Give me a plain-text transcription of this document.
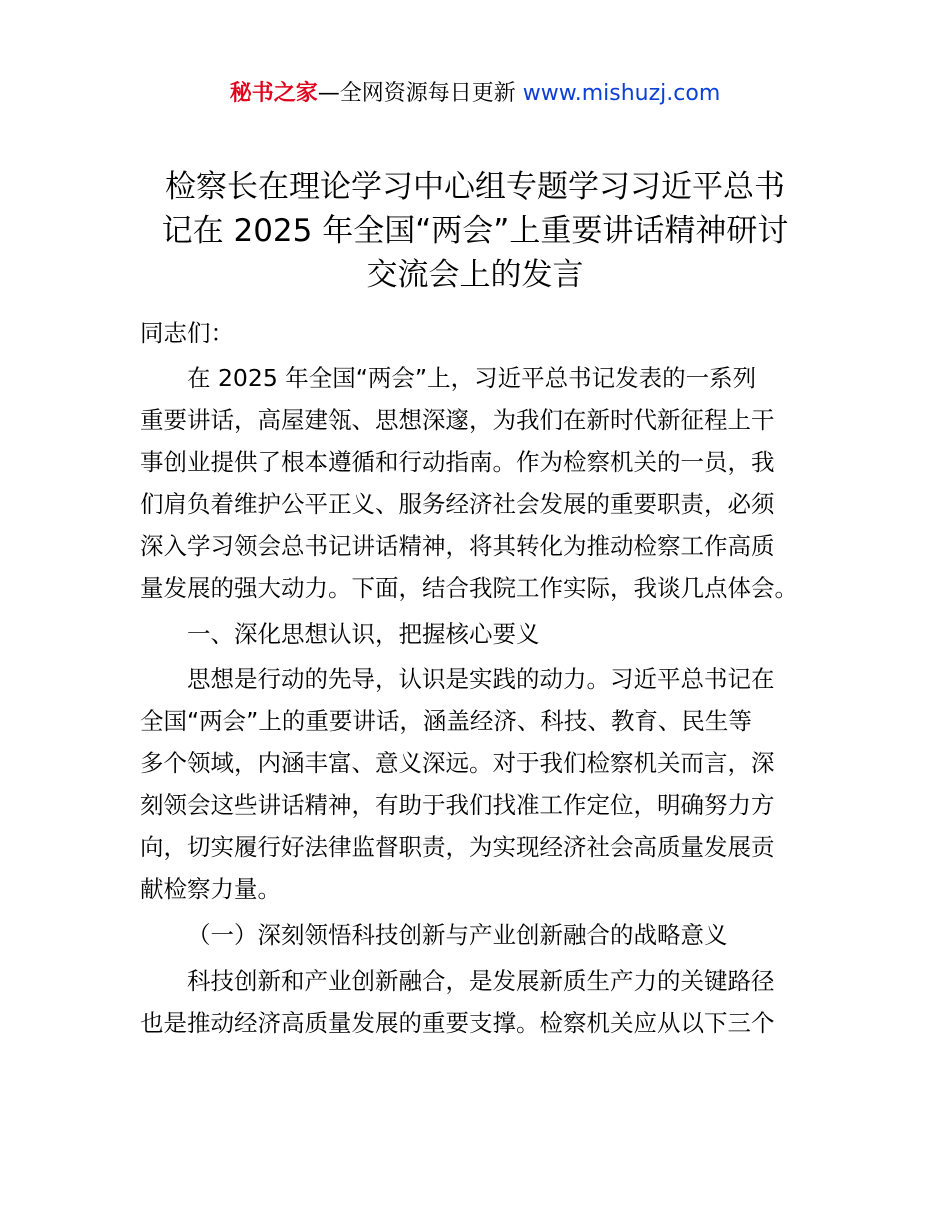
秘书之家—全网资源每日更新 www.mishuzj.com
检察长在理论学习中心组专题学习习近平总书
记在 2025 年全国“两会”上重要讲话精神研讨
交流会上的发言

同志们：

在 2025 年全国“两会”上，习近平总书记发表的一系列
重要讲话，高屋建瓴、思想深邃，为我们在新时代新征程上干
事创业提供了根本遵循和行动指南。作为检察机关的一员，我
们肩负着维护公平正义、服务经济社会发展的重要职责，必须
深入学习领会总书记讲话精神，将其转化为推动检察工作高质
量发展的强大动力。下面，结合我院工作实际，我谈几点体会。

一、深化思想认识，把握核心要义

思想是行动的先导，认识是实践的动力。习近平总书记在
全国“两会”上的重要讲话，涵盖经济、科技、教育、民生等
多个领域，内涵丰富、意义深远。对于我们检察机关而言，深
刻领会这些讲话精神，有助于我们找准工作定位，明确努力方
向，切实履行好法律监督职责，为实现经济社会高质量发展贡
献检察力量。

（一）深刻领悟科技创新与产业创新融合的战略意义

科技创新和产业创新融合，是发展新质生产力的关键路径
也是推动经济高质量发展的重要支撑。检察机关应从以下三个
